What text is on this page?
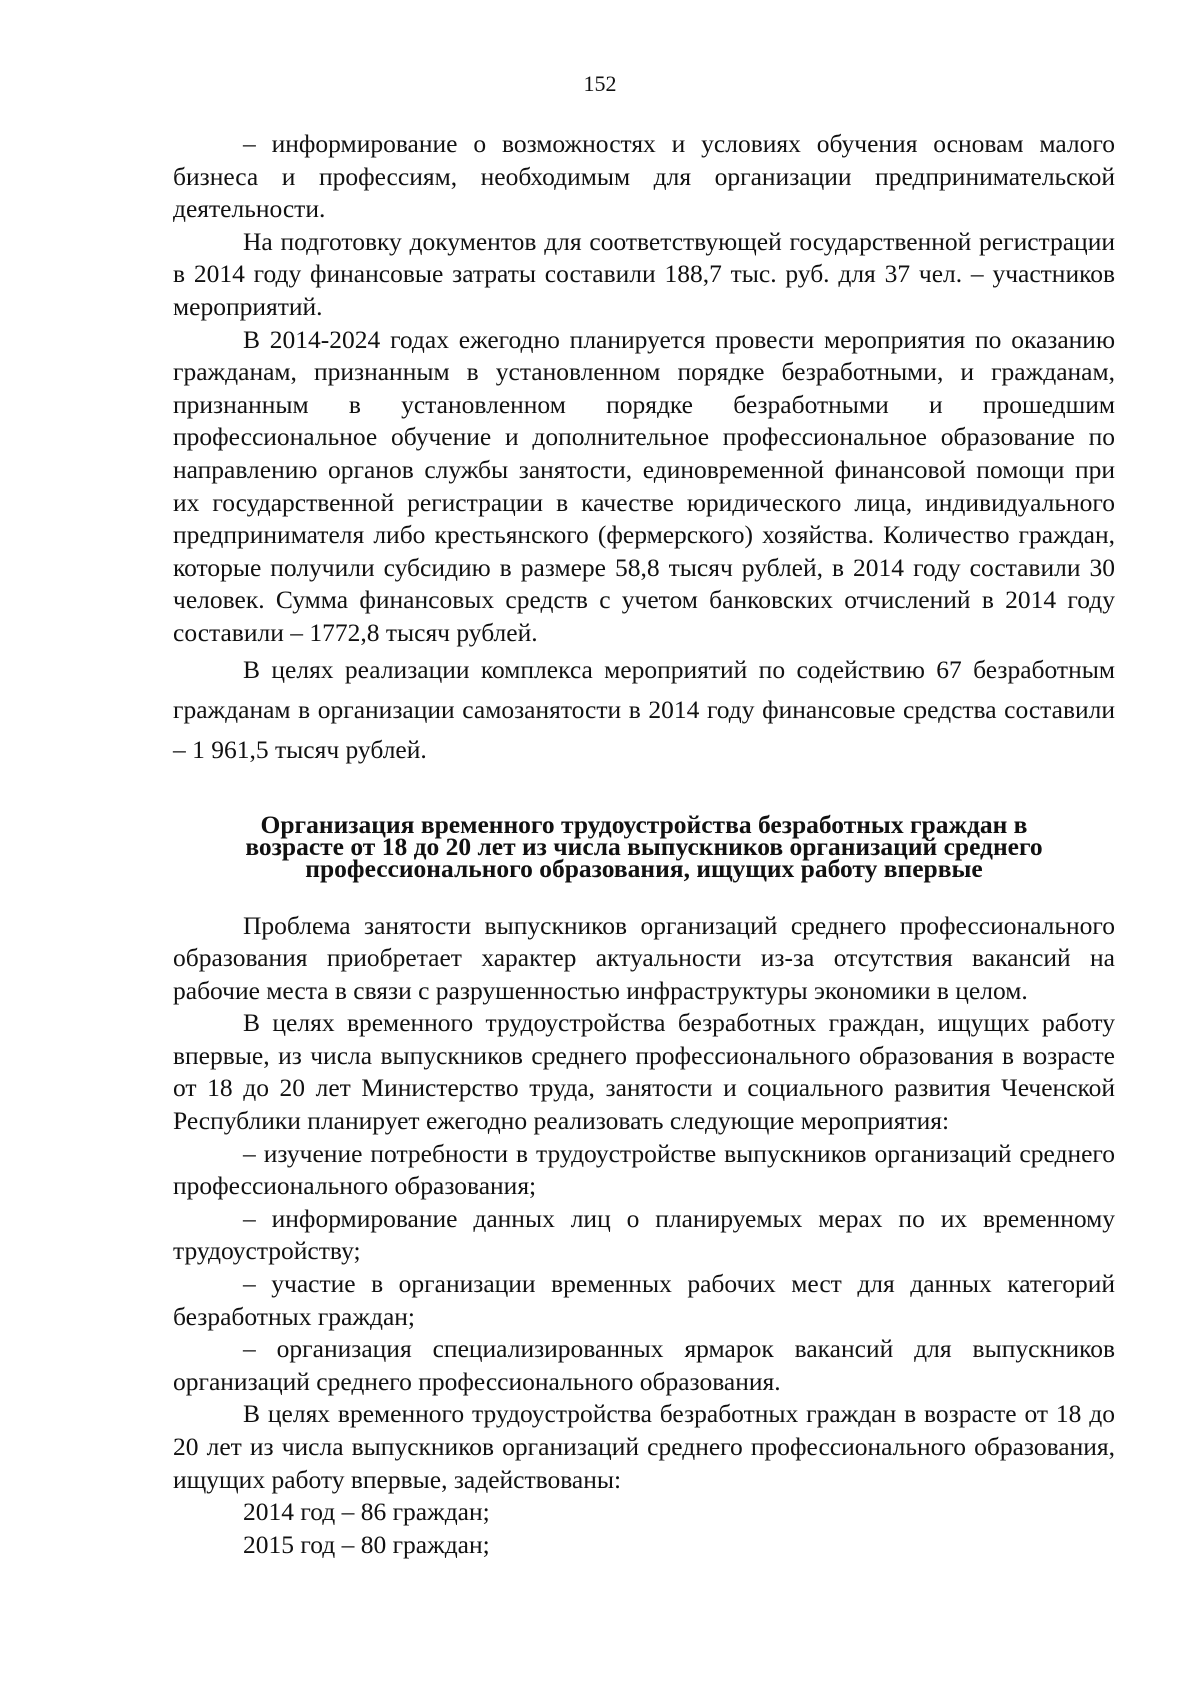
152

– информирование о возможностях и условиях обучения основам малого бизнеса и профессиям, необходимым для организации предпринимательской деятельности.

На подготовку документов для соответствующей государственной регистрации в 2014 году финансовые затраты составили 188,7 тыс. руб. для 37 чел. – участников мероприятий.

В 2014-2024 годах ежегодно планируется провести мероприятия по оказанию гражданам, признанным в установленном порядке безработными, и гражданам, признанным в установленном порядке безработными и прошедшим профессиональное обучение и дополнительное профессиональное образование по направлению органов службы занятости, единовременной финансовой помощи при их государственной регистрации в качестве юридического лица, индивидуального предпринимателя либо крестьянского (фермерского) хозяйства. Количество граждан, которые получили субсидию в размере 58,8 тысяч рублей, в 2014 году составили 30 человек. Сумма финансовых средств с учетом банковских отчислений в 2014 году составили – 1772,8 тысяч рублей.

В целях реализации комплекса мероприятий по содействию 67 безработным гражданам в организации самозанятости в 2014 году финансовые средства составили – 1 961,5 тысяч рублей.

Организация временного трудоустройства безработных граждан в
возрасте от 18 до 20 лет из числа выпускников организаций среднего
профессионального образования, ищущих работу впервые

Проблема занятости выпускников организаций среднего профессионального образования приобретает характер актуальности из-за отсутствия вакансий на рабочие места в связи с разрушенностью инфраструктуры экономики в целом.

В целях временного трудоустройства безработных граждан, ищущих работу впервые, из числа выпускников среднего профессионального образования в возрасте от 18 до 20 лет Министерство труда, занятости и социального развития Чеченской Республики планирует ежегодно реализовать следующие мероприятия:

– изучение потребности в трудоустройстве выпускников организаций среднего профессионального образования;

– информирование данных лиц о планируемых мерах по их временному трудоустройству;

– участие в организации временных рабочих мест для данных категорий безработных граждан;

– организация специализированных ярмарок вакансий для выпускников организаций среднего профессионального образования.

В целях временного трудоустройства безработных граждан в возрасте от 18 до 20 лет из числа выпускников организаций среднего профессионального образования, ищущих работу впервые, задействованы:

2014 год – 86 граждан;

2015 год – 80 граждан;
